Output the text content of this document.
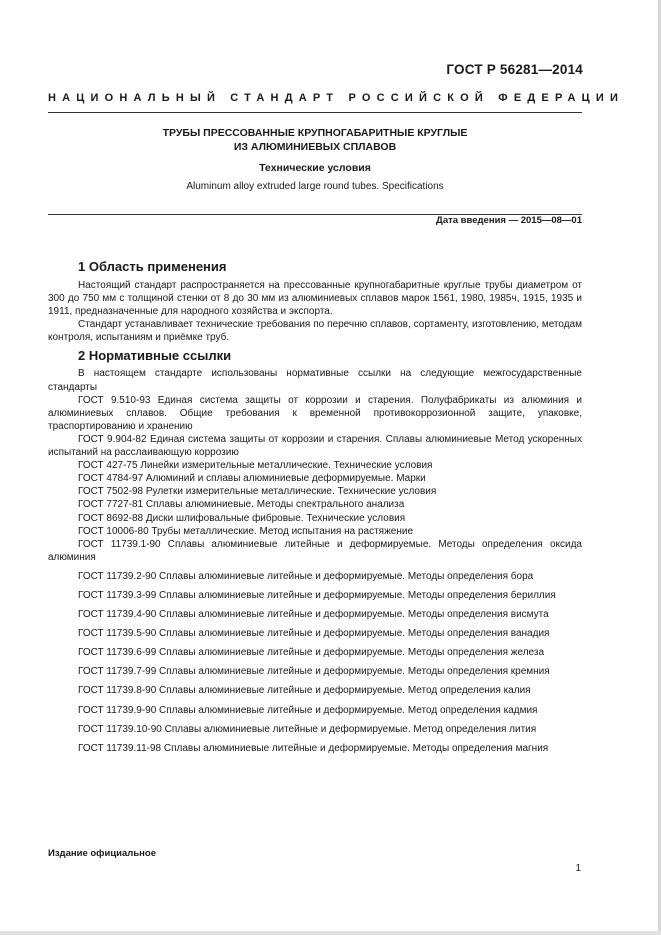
ГОСТ Р 56281—2014
НАЦИОНАЛЬНЫЙ СТАНДАРТ РОССИЙСКОЙ ФЕДЕРАЦИИ
ТРУБЫ ПРЕССОВАННЫЕ КРУПНОГАБАРИТНЫЕ КРУГЛЫЕ
ИЗ АЛЮМИНИЕВЫХ СПЛАВОВ
Технические условия
Aluminum alloy extruded large round tubes. Specifications
Дата введения — 2015—08—01
1 Область применения

Настоящий стандарт распространяется на прессованные крупногабаритные круглые трубы диаметром от 300 до 750 мм с толщиной стенки от 8 до 30 мм из алюминиевых сплавов марок 1561, 1980, 1985ч, 1915, 1935 и 1911, предназначенные для народного хозяйства и экспорта.

Стандарт устанавливает технические требования по перечню сплавов, сортаменту, изготовлению, методам контроля, испытаниям и приёмке труб.

2 Нормативные ссылки

В настоящем стандарте использованы нормативные ссылки на следующие межгосударственные стандарты

ГОСТ 9.510-93 Единая система защиты от коррозии и старения. Полуфабрикаты из алюминия и алюминиевых сплавов. Общие требования к временной противокоррозионной защите, упаковке, траспортированию и хранению

ГОСТ 9.904-82 Единая система защиты от коррозии и старения. Сплавы алюминиевые Метод ускоренных испытаний на расслаивающую коррозию

ГОСТ 427-75 Линейки измерительные металлические. Технические условия

ГОСТ 4784-97 Алюминий и сплавы алюминиевые деформируемые. Марки

ГОСТ 7502-98 Рулетки измерительные металлические. Технические условия

ГОСТ 7727-81 Сплавы алюминиевые. Методы спектрального анализа

ГОСТ 8692-88 Диски шлифовальные фибровые. Технические условия

ГОСТ 10006-80 Трубы металлические. Метод испытания на растяжение

ГОСТ 11739.1-90 Сплавы алюминиевые литейные и деформируемые. Методы определения оксида алюминия

ГОСТ 11739.2-90 Сплавы алюминиевые литейные и деформируемые. Методы определения бора

ГОСТ 11739.3-99 Сплавы алюминиевые литейные и деформируемые. Методы определения бериллия

ГОСТ 11739.4-90 Сплавы алюминиевые литейные и деформируемые. Методы определения висмута

ГОСТ 11739.5-90 Сплавы алюминиевые литейные и деформируемые. Методы определения ванадия

ГОСТ 11739.6-99 Сплавы алюминиевые литейные и деформируемые. Методы определения железа

ГОСТ 11739.7-99 Сплавы алюминиевые литейные и деформируемые. Методы определения кремния

ГОСТ 11739.8-90 Сплавы алюминиевые литейные и деформируемые. Метод определения калия

ГОСТ 11739.9-90 Сплавы алюминиевые литейные и деформируемые. Метод определения кадмия

ГОСТ 11739.10-90 Сплавы алюминиевые литейные и деформируемые. Метод определения лития

ГОСТ 11739.11-98 Сплавы алюминиевые литейные и деформируемые. Методы определения магния

Издание официальное
1
